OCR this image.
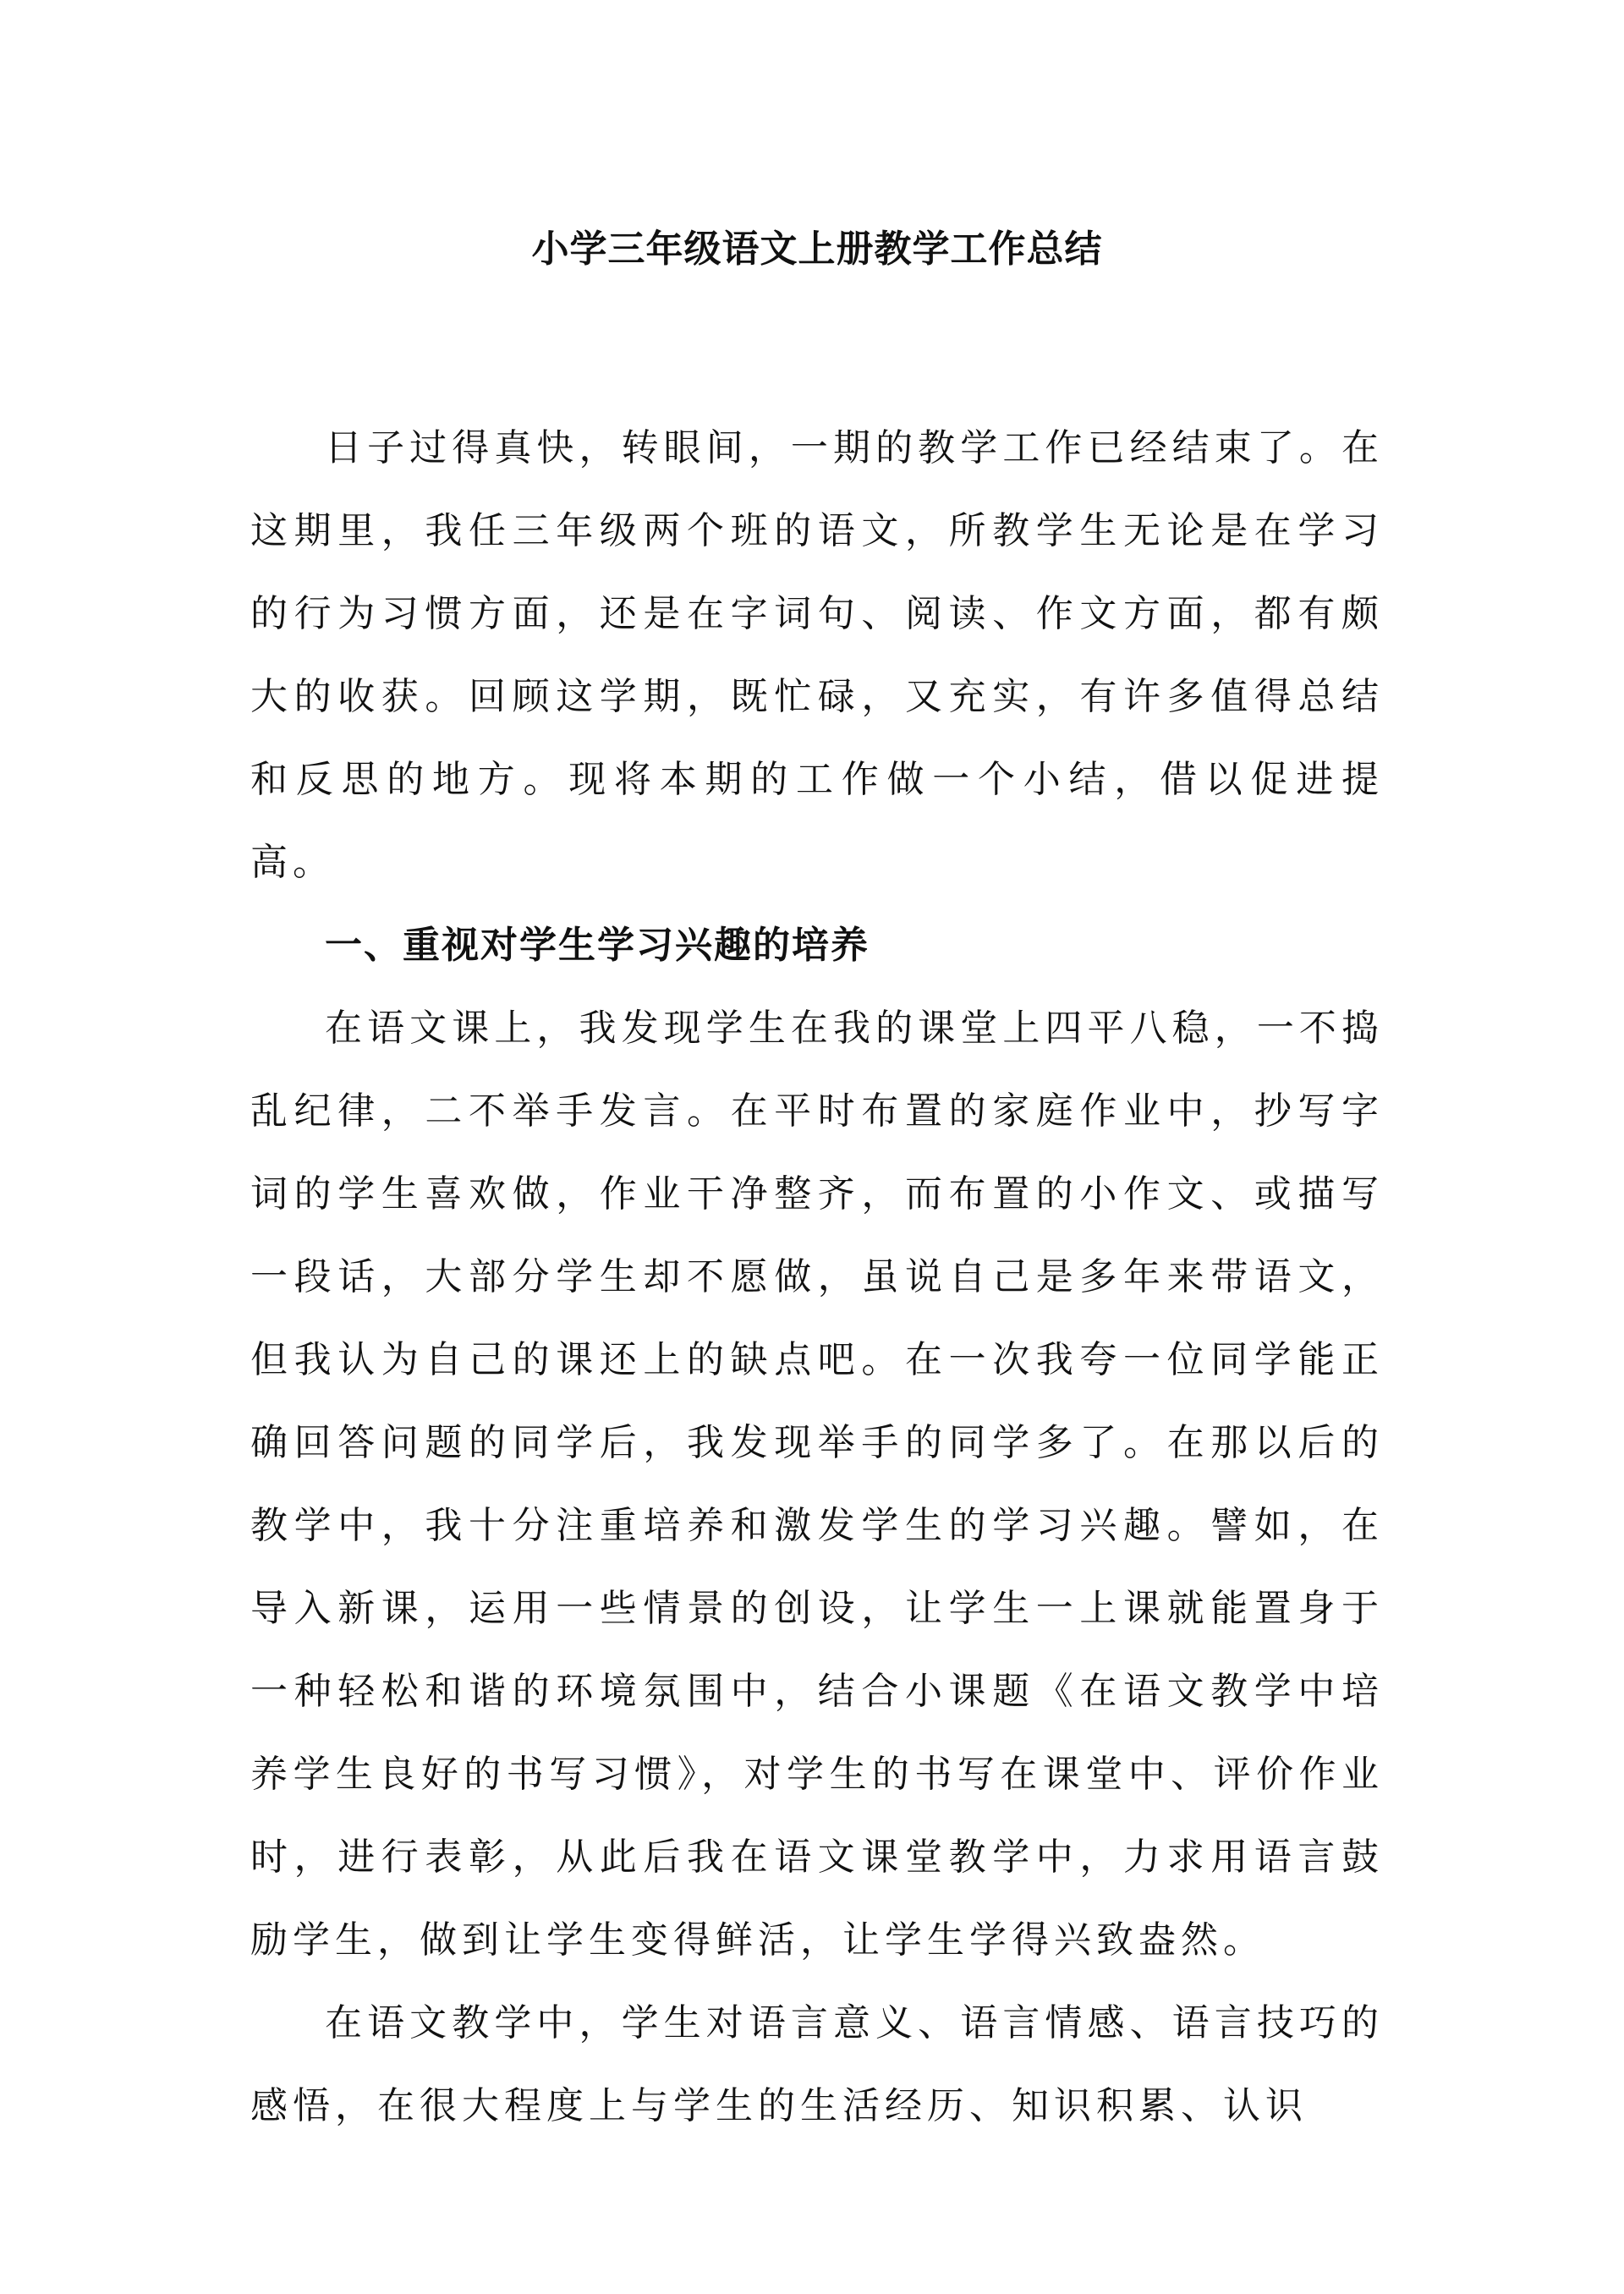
小学三年级语文上册教学工作总结

日子过得真快，转眼间，一期的教学工作已经结束了。在这期里，我任三年级两个班的语文，所教学生无论是在学习的行为习惯方面，还是在字词句、阅读、作文方面，都有颇大的收获。回顾这学期，既忙碌，又充实，有许多值得总结和反思的地方。现将本期的工作做一个小结，借以促进提高。

一、重视对学生学习兴趣的培养

在语文课上，我发现学生在我的课堂上四平八稳，一不捣乱纪律，二不举手发言。在平时布置的家庭作业中，抄写字词的学生喜欢做，作业干净整齐，而布置的小作文、或描写一段话，大部分学生却不愿做，虽说自己是多年来带语文，但我认为自己的课还上的缺点吧。在一次我夸一位同学能正确回答问题的同学后，我发现举手的同学多了。在那以后的教学中，我十分注重培养和激发学生的学习兴趣。譬如，在导入新课，运用一些情景的创设，让学生一上课就能置身于一种轻松和谐的环境氛围中，结合小课题《在语文教学中培养学生良好的书写习惯》，对学生的书写在课堂中、评价作业时，进行表彰，从此后我在语文课堂教学中，力求用语言鼓励学生，做到让学生变得鲜活，让学生学得兴致盎然。

在语文教学中，学生对语言意义、语言情感、语言技巧的感悟，在很大程度上与学生的生活经历、知识积累、认识
